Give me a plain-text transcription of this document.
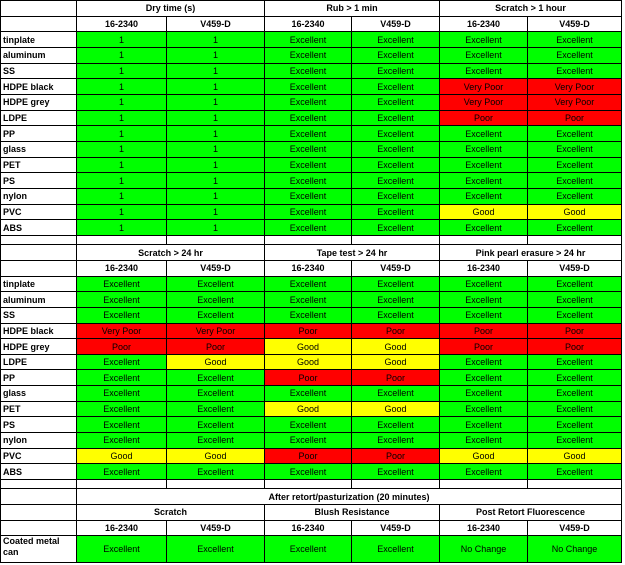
	Dry time (s)		Rub > 1 min		Scratch > 1 hour	
	16-2340	V459-D	16-2340	V459-D	16-2340	V459-D
tinplate	1	1	Excellent	Excellent	Excellent	Excellent
aluminum	1	1	Excellent	Excellent	Excellent	Excellent
SS	1	1	Excellent	Excellent	Excellent	Excellent
HDPE black	1	1	Excellent	Excellent	Very Poor	Very Poor
HDPE grey	1	1	Excellent	Excellent	Very Poor	Very Poor
LDPE	1	1	Excellent	Excellent	Poor	Poor
PP	1	1	Excellent	Excellent	Excellent	Excellent
glass	1	1	Excellent	Excellent	Excellent	Excellent
PET	1	1	Excellent	Excellent	Excellent	Excellent
PS	1	1	Excellent	Excellent	Excellent	Excellent
nylon	1	1	Excellent	Excellent	Excellent	Excellent
PVC	1	1	Excellent	Excellent	Good	Good
ABS	1	1	Excellent	Excellent	Excellent	Excellent

	Scratch > 24 hr		Tape test > 24 hr		Pink pearl erasure > 24 hr	
	16-2340	V459-D	16-2340	V459-D	16-2340	V459-D
tinplate	Excellent	Excellent	Excellent	Excellent	Excellent	Excellent
aluminum	Excellent	Excellent	Excellent	Excellent	Excellent	Excellent
SS	Excellent	Excellent	Excellent	Excellent	Excellent	Excellent
HDPE black	Very Poor	Very Poor	Poor	Poor	Poor	Poor
HDPE grey	Poor	Poor	Good	Good	Poor	Poor
LDPE	Excellent	Good	Good	Good	Excellent	Excellent
PP	Excellent	Excellent	Poor	Poor	Excellent	Excellent
glass	Excellent	Excellent	Excellent	Excellent	Excellent	Excellent
PET	Excellent	Excellent	Good	Good	Excellent	Excellent
PS	Excellent	Excellent	Excellent	Excellent	Excellent	Excellent
nylon	Excellent	Excellent	Excellent	Excellent	Excellent	Excellent
PVC	Good	Good	Poor	Poor	Good	Good
ABS	Excellent	Excellent	Excellent	Excellent	Excellent	Excellent

	After retort/pasturization (20 minutes)					
	Scratch		Blush Resistance		Post Retort Fluorescence	
	16-2340	V459-D	16-2340	V459-D	16-2340	V459-D
Coated metal can	Excellent	Excellent	Excellent	Excellent	No Change	No Change
